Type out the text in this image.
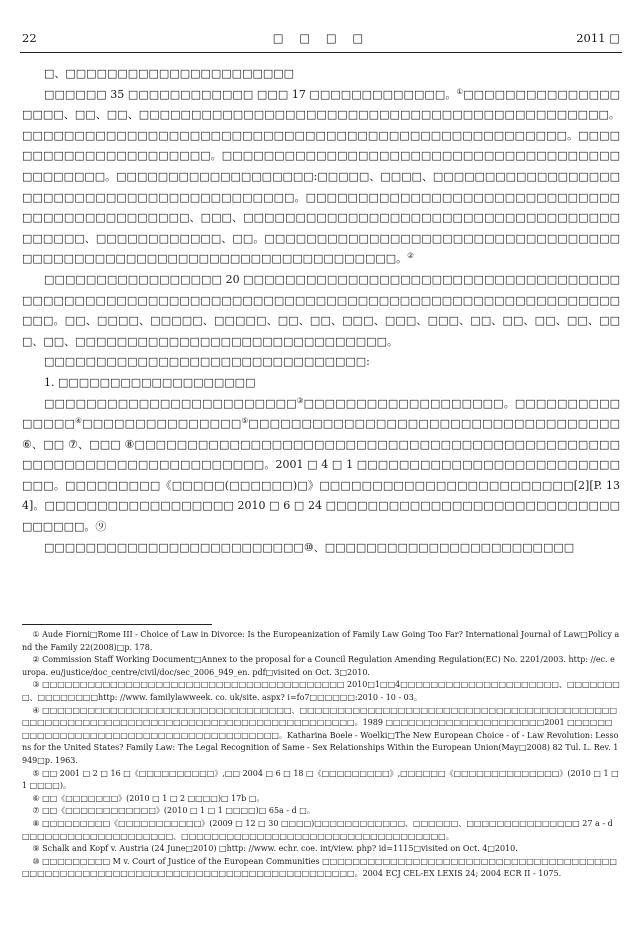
22	□ □ □ □	2011 □

□、□□□□□□□□□□□□□□□□□□□□□□

□□□□□□ 35 □□□□□□□□□□□□ □□□ 17 □□□□□□□□□□□□□。①□□□□□□□□□□□□□□□□□□□、□□、□□、□□□□□□□□□□□□□□□□□□□□□□□□□□□□□□□□□□□□□□□□□□□□□。□□□□□□□□□□□□□□□□□□□□□□□□□□□□□□□□□□□□□□□□□□□□□□□□□□□□。□□□□□□□□□□□□□□□□□□□□□□。□□□□□□□□□□□□□□□□□□□□□□□□□□□□□□□□□□□□□□□□□□□□□□。□□□□□□□□□□□□□□□□□□□:□□□□□、□□□□、□□□□□□□□□□□□□□□□□□□□□□□□□□□□□□□□□□□□□□□□□□□□。□□□□□□□□□□□□□□□□□□□□□□□□□□□□□□□□□□□□□□□□□□□□□□、□□□、□□□□□□□□□□□□□□□□□□□□□□□□□□□□□□□□□□□□□□□□□□、□□□□□□□□□□□□、□□。□□□□□□□□□□□□□□□□□□□□□□□□□□□□□□□□□□□□□□□□□□□□□□□□□□□□□□□□□□□□□□□□□□□□□□。②

□□□□□□□□□□□□□□□□□ 20 □□□□□□□□□□□□□□□□□□□□□□□□□□□□□□□□□□□□□□□□□□□□□□□□□□□□□□□□□□□□□□□□□□□□□□□□□□□□□□□□□□□□□□□□□□□□□□□□。□□、□□□□、□□□□□、□□□□□、□□、□□、□□□、□□□、□□□、□□、□□、□□、□□、□□□、□□、□□□□□□□□□□□□□□□□□□□□□□□□□□□□□□。

□□□□□□□□□□□□□□□□□□□□□□□□□□□□□□□:

1. □□□□□□□□□□□□□□□□□□□

□□□□□□□□□□□□□□□□□□□□□□□□③□□□□□□□□□□□□□□□□□□□。□□□□□□□□□□□□□□□④□□□□□□□□□□□□□□□⑤□□□□□□□□□□□□□□□□□□□□□□□□□□□□□□□□□□□ ⑥、□□ ⑦、□□□ ⑧□□□□□□□□□□□□□□□□□□□□□□□□□□□□□□□□□□□□□□□□□□□□□□□□□□□□□□□□□□□□□□□□□□□□□。2001 □ 4 □ 1 □□□□□□□□□□□□□□□□□□□□□□□□□□□□。□□□□□□□□□《□□□□□(□□□□□□)□》□□□□□□□□□□□□□□□□□□□□□□□□[2][P. 134]。□□□□□□□□□□□□□□□□□□ 2010 □ 6 □ 24 □□□□□□□□□□□□□□□□□□□□□□□□□□□□□□□□□□。⑨

□□□□□□□□□□□□□□□□□□□□□□□□□⑩、□□□□□□□□□□□□□□□□□□□□□□□□

① Aude Fiorni□Rome III - Choice of Law in Divorce: Is the Europeanization of Family Law Going Too Far? International Journal of Law□Policy and the Family 22(2008)□p. 178.

② Commission Staff Working Document□Annex to the proposal for a Council Regulation Amending Regulation(EC) No. 2201/2003. http: //ec. europa. eu/justice/doc_centre/civil/doc/sec_2006_949_en. pdf□visited on Oct. 3□2010.

③ □□□□□□□□□□□□□□□□□□□□□□□□□□□□□□□□□□□□□□□□ 2010□1□□4□□□□□□□□□□□□□□□□□□□□□、□□□□□□□□、□□□□□□□□http: //www. familylawweek. co. uk/site. aspx? i=fo7□□□□□□:2010 - 10 - 03。

④ □□□□□□□□□□□□□□□□□□□□□□□□□□□□□□□□□、□□□□□□□□□□□□□□□□□□□□□□□□□□□□□□□□□□□□□□□□□□□□□□□□□□□□□□□□□□□□□□□□□□□□□□□□□□□□□□□□□□□□□□。1989 □□□□□□□□□□□□□□□□□□□□□2001 □□□□□□□□□□□□□□□□□□□□□□□□□□□□□□□□□□□□□□□□。Katharina Boele - Woelki□The New European Choice - of - Law Revolution: Lessons for the United States? Family Law: The Legal Recognition of Same - Sex Relationships Within the European Union(May□2008) 82 Tul. L. Rev. 1949□p. 1963.

⑤ □□ 2001 □ 2 □ 16 □《□□□□□□□□□□》,□□ 2004 □ 6 □ 18 □《□□□□□□□□□》,□□□□□□《□□□□□□□□□□□□□□》(2010 □ 1 □ 1 □□□□)。

⑥ □□《□□□□□□□》(2010 □ 1 □ 2 □□□□)□ 17b □。

⑦ □□《□□□□□□□□□□□□》(2010 □ 1 □ 1 □□□□)□ 65a - d □。

⑧ □□□□□□□□□《□□□□□□□□□□□》(2009 □ 12 □ 30 □□□□)□□□□□□□□□□□□、□□□□□□、□□□□□□□□□□□□□□□ 27 a - d □□□□□□□□□□□□□□□□□□□□、□□□□□□□□□□□□□□□□□□□□□□□□□□□□□□□□□□□。

⑨ Schalk and Kopf v. Austria (24 June□2010) □http: //www. echr. coe. int/view. php? id=1115□visited on Oct. 4□2010.

⑩ □□□□□□□□□ M v. Court of Justice of the European Communities □□□□□□□□□□□□□□□□□□□□□□□□□□□□□□□□□□□□□□□□□□□□□□□□□□□□□□□□□□□□□□□□□□□□□□□□□□□□□□□□□□□。2004 ECJ CEL-EX LEXIS 24; 2004 ECR II - 1075.
